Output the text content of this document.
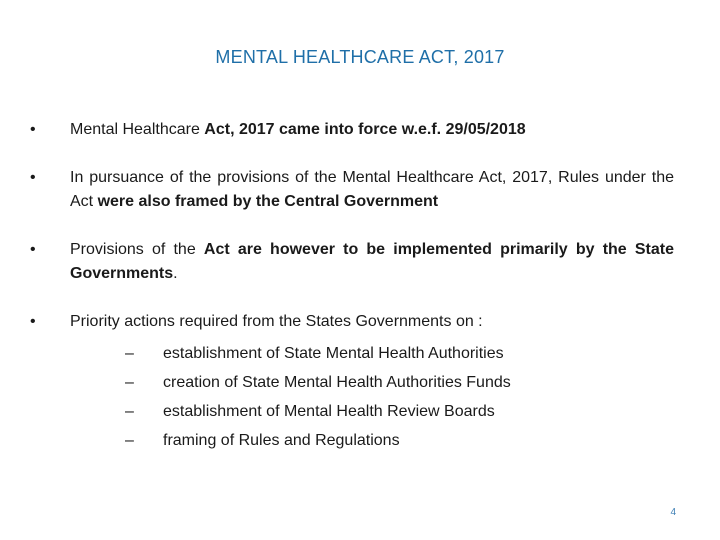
MENTAL HEALTHCARE ACT, 2017
•	Mental Healthcare Act, 2017 came into force w.e.f. 29/05/2018
•	In pursuance of the provisions of the Mental Healthcare Act, 2017, Rules under the Act were also framed by the Central Government
•	Provisions of the Act are however to be implemented primarily by the State Governments.
•	Priority actions required from the States Governments on :
– establishment of State Mental Health Authorities
– creation of State Mental Health Authorities Funds
– establishment of Mental Health Review Boards
– framing of Rules and Regulations
4
